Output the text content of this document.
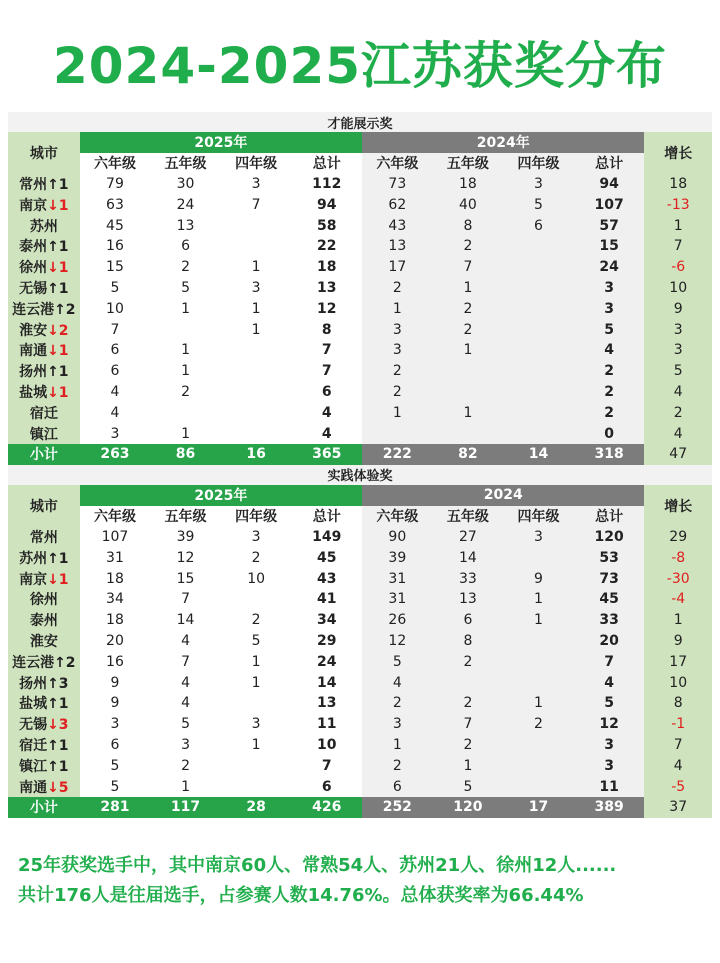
2024-2025江苏获奖分布
才能展示奖									
城市	2025年				2024年				增长
	六年级	五年级	四年级	总计	六年级	五年级	四年级	总计	
常州↑1	79	30	3	112	73	18	3	94	18
南京↓1	63	24	7	94	62	40	5	107	-13
苏州	45	13		58	43	8	6	57	1
泰州↑1	16	6		22	13	2		15	7
徐州↓1	15	2	1	18	17	7		24	-6
无锡↑1	5	5	3	13	2	1		3	10
连云港↑2	10	1	1	12	1	2		3	9
淮安↓2	7		1	8	3	2		5	3
南通↓1	6	1		7	3	1		4	3
扬州↑1	6	1		7	2			2	5
盐城↓1	4	2		6	2			2	4
宿迁	4			4	1	1		2	2
镇江	3	1		4				0	4
小计	263	86	16	365	222	82	14	318	47
实践体验奖									
城市	2025年				2024				增长
	六年级	五年级	四年级	总计	六年级	五年级	四年级	总计	
常州	107	39	3	149	90	27	3	120	29
苏州↑1	31	12	2	45	39	14		53	-8
南京↓1	18	15	10	43	31	33	9	73	-30
徐州	34	7		41	31	13	1	45	-4
泰州	18	14	2	34	26	6	1	33	1
淮安	20	4	5	29	12	8		20	9
连云港↑2	16	7	1	24	5	2		7	17
扬州↑3	9	4	1	14	4			4	10
盐城↑1	9	4		13	2	2	1	5	8
无锡↓3	3	5	3	11	3	7	2	12	-1
宿迁↑1	6	3	1	10	1	2		3	7
镇江↑1	5	2		7	2	1		3	4
南通↓5	5	1		6	6	5		11	-5
小计	281	117	28	426	252	120	17	389	37
25年获奖选手中，其中南京60人、常熟54人、苏州21人、徐州12人......
共计176人是往届选手，占参赛人数14.76%。总体获奖率为66.44%
